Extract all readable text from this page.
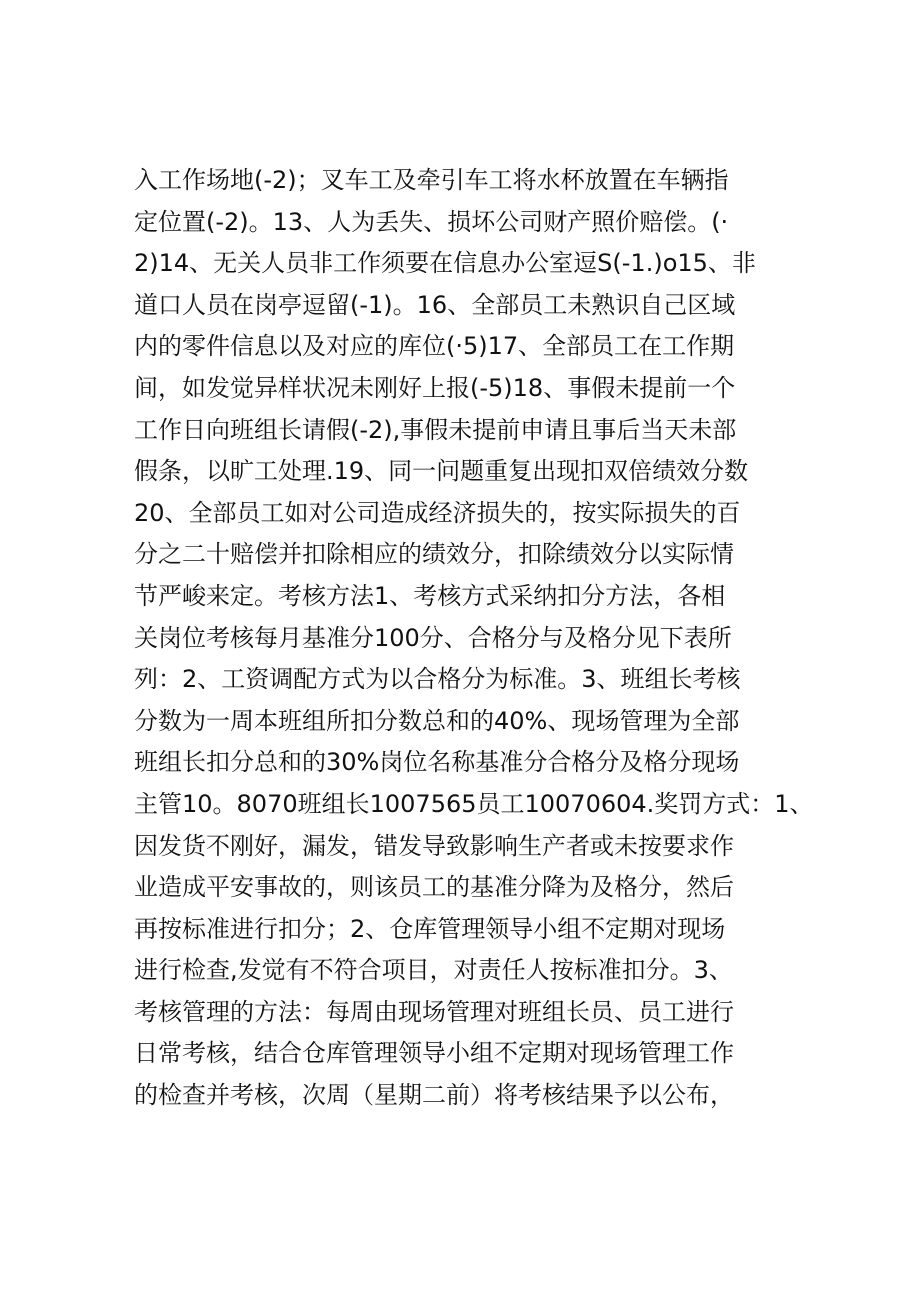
入工作场地(-2)；叉车工及牵引车工将水杯放置在车辆指
定位置(-2)。13、人为丢失、损坏公司财产照价赔偿。(·
2)14、无关人员非工作须要在信息办公室逗S(-1.)o15、非
道口人员在岗亭逗留(-1)。16、全部员工未熟识自己区域
内的零件信息以及对应的库位(·5)17、全部员工在工作期
间，如发觉异样状况未刚好上报(-5)18、事假未提前一个
工作日向班组长请假(-2),事假未提前申请且事后当天未部
假条，以旷工处理.19、同一问题重复出现扣双倍绩效分数
20、全部员工如对公司造成经济损失的，按实际损失的百
分之二十赔偿并扣除相应的绩效分，扣除绩效分以实际情
节严峻来定。考核方法1、考核方式采纳扣分方法，各相
关岗位考核每月基准分100分、合格分与及格分见下表所
列：2、工资调配方式为以合格分为标准。3、班组长考核
分数为一周本班组所扣分数总和的40%、现场管理为全部
班组长扣分总和的30%岗位名称基准分合格分及格分现场
主管10。8070班组长1007565员工10070604.奖罚方式：1、
因发货不刚好，漏发，错发导致影响生产者或未按要求作
业造成平安事故的，则该员工的基准分降为及格分，然后
再按标准进行扣分；2、仓库管理领导小组不定期对现场
进行检查,发觉有不符合项目，对责任人按标准扣分。3、
考核管理的方法：每周由现场管理对班组长员、员工进行
日常考核，结合仓库管理领导小组不定期对现场管理工作
的检查并考核，次周（星期二前）将考核结果予以公布，
